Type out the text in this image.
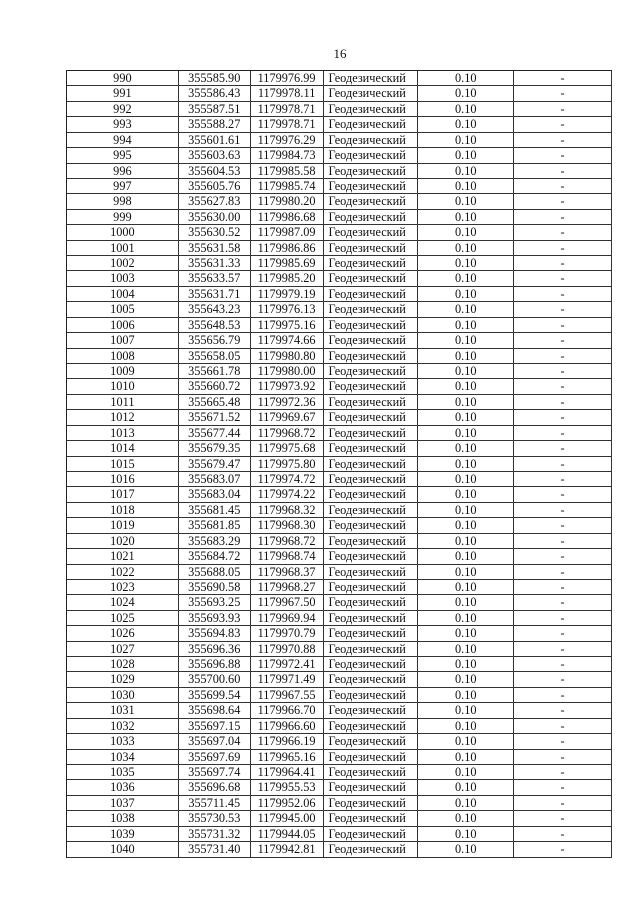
16
990	355585.90	1179976.99	Геодезический	0.10	-
991	355586.43	1179978.11	Геодезический	0.10	-
992	355587.51	1179978.71	Геодезический	0.10	-
993	355588.27	1179978.71	Геодезический	0.10	-
994	355601.61	1179976.29	Геодезический	0.10	-
995	355603.63	1179984.73	Геодезический	0.10	-
996	355604.53	1179985.58	Геодезический	0.10	-
997	355605.76	1179985.74	Геодезический	0.10	-
998	355627.83	1179980.20	Геодезический	0.10	-
999	355630.00	1179986.68	Геодезический	0.10	-
1000	355630.52	1179987.09	Геодезический	0.10	-
1001	355631.58	1179986.86	Геодезический	0.10	-
1002	355631.33	1179985.69	Геодезический	0.10	-
1003	355633.57	1179985.20	Геодезический	0.10	-
1004	355631.71	1179979.19	Геодезический	0.10	-
1005	355643.23	1179976.13	Геодезический	0.10	-
1006	355648.53	1179975.16	Геодезический	0.10	-
1007	355656.79	1179974.66	Геодезический	0.10	-
1008	355658.05	1179980.80	Геодезический	0.10	-
1009	355661.78	1179980.00	Геодезический	0.10	-
1010	355660.72	1179973.92	Геодезический	0.10	-
1011	355665.48	1179972.36	Геодезический	0.10	-
1012	355671.52	1179969.67	Геодезический	0.10	-
1013	355677.44	1179968.72	Геодезический	0.10	-
1014	355679.35	1179975.68	Геодезический	0.10	-
1015	355679.47	1179975.80	Геодезический	0.10	-
1016	355683.07	1179974.72	Геодезический	0.10	-
1017	355683.04	1179974.22	Геодезический	0.10	-
1018	355681.45	1179968.32	Геодезический	0.10	-
1019	355681.85	1179968.30	Геодезический	0.10	-
1020	355683.29	1179968.72	Геодезический	0.10	-
1021	355684.72	1179968.74	Геодезический	0.10	-
1022	355688.05	1179968.37	Геодезический	0.10	-
1023	355690.58	1179968.27	Геодезический	0.10	-
1024	355693.25	1179967.50	Геодезический	0.10	-
1025	355693.93	1179969.94	Геодезический	0.10	-
1026	355694.83	1179970.79	Геодезический	0.10	-
1027	355696.36	1179970.88	Геодезический	0.10	-
1028	355696.88	1179972.41	Геодезический	0.10	-
1029	355700.60	1179971.49	Геодезический	0.10	-
1030	355699.54	1179967.55	Геодезический	0.10	-
1031	355698.64	1179966.70	Геодезический	0.10	-
1032	355697.15	1179966.60	Геодезический	0.10	-
1033	355697.04	1179966.19	Геодезический	0.10	-
1034	355697.69	1179965.16	Геодезический	0.10	-
1035	355697.74	1179964.41	Геодезический	0.10	-
1036	355696.68	1179955.53	Геодезический	0.10	-
1037	355711.45	1179952.06	Геодезический	0.10	-
1038	355730.53	1179945.00	Геодезический	0.10	-
1039	355731.32	1179944.05	Геодезический	0.10	-
1040	355731.40	1179942.81	Геодезический	0.10	-
